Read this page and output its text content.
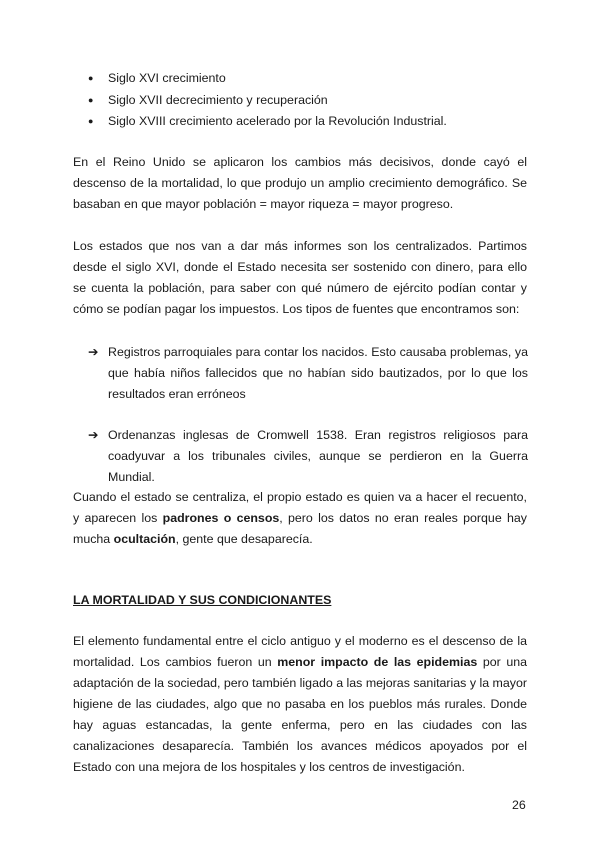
● Siglo XVI crecimiento
● Siglo XVII decrecimiento y recuperación
● Siglo XVIII crecimiento acelerado por la Revolución Industrial.

En el Reino Unido se aplicaron los cambios más decisivos, donde cayó el descenso de la mortalidad, lo que produjo un amplio crecimiento demográfico. Se basaban en que mayor población = mayor riqueza = mayor progreso.

Los estados que nos van a dar más informes son los centralizados. Partimos desde el siglo XVI, donde el Estado necesita ser sostenido con dinero, para ello se cuenta la población, para saber con qué número de ejército podían contar y cómo se podían pagar los impuestos. Los tipos de fuentes que encontramos son:

➔ Registros parroquiales para contar los nacidos. Esto causaba problemas, ya que había niños fallecidos que no habían sido bautizados, por lo que los resultados eran erróneos
➔ Ordenanzas inglesas de Cromwell 1538. Eran registros religiosos para coadyuvar a los tribunales civiles, aunque se perdieron en la Guerra Mundial.

Cuando el estado se centraliza, el propio estado es quien va a hacer el recuento, y aparecen los padrones o censos, pero los datos no eran reales porque hay mucha ocultación, gente que desaparecía.

LA MORTALIDAD Y SUS CONDICIONANTES

El elemento fundamental entre el ciclo antiguo y el moderno es el descenso de la mortalidad. Los cambios fueron un menor impacto de las epidemias por una adaptación de la sociedad, pero también ligado a las mejoras sanitarias y la mayor higiene de las ciudades, algo que no pasaba en los pueblos más rurales. Donde hay aguas estancadas, la gente enferma, pero en las ciudades con las canalizaciones desaparecía. También los avances médicos apoyados por el Estado con una mejora de los hospitales y los centros de investigación.

26
